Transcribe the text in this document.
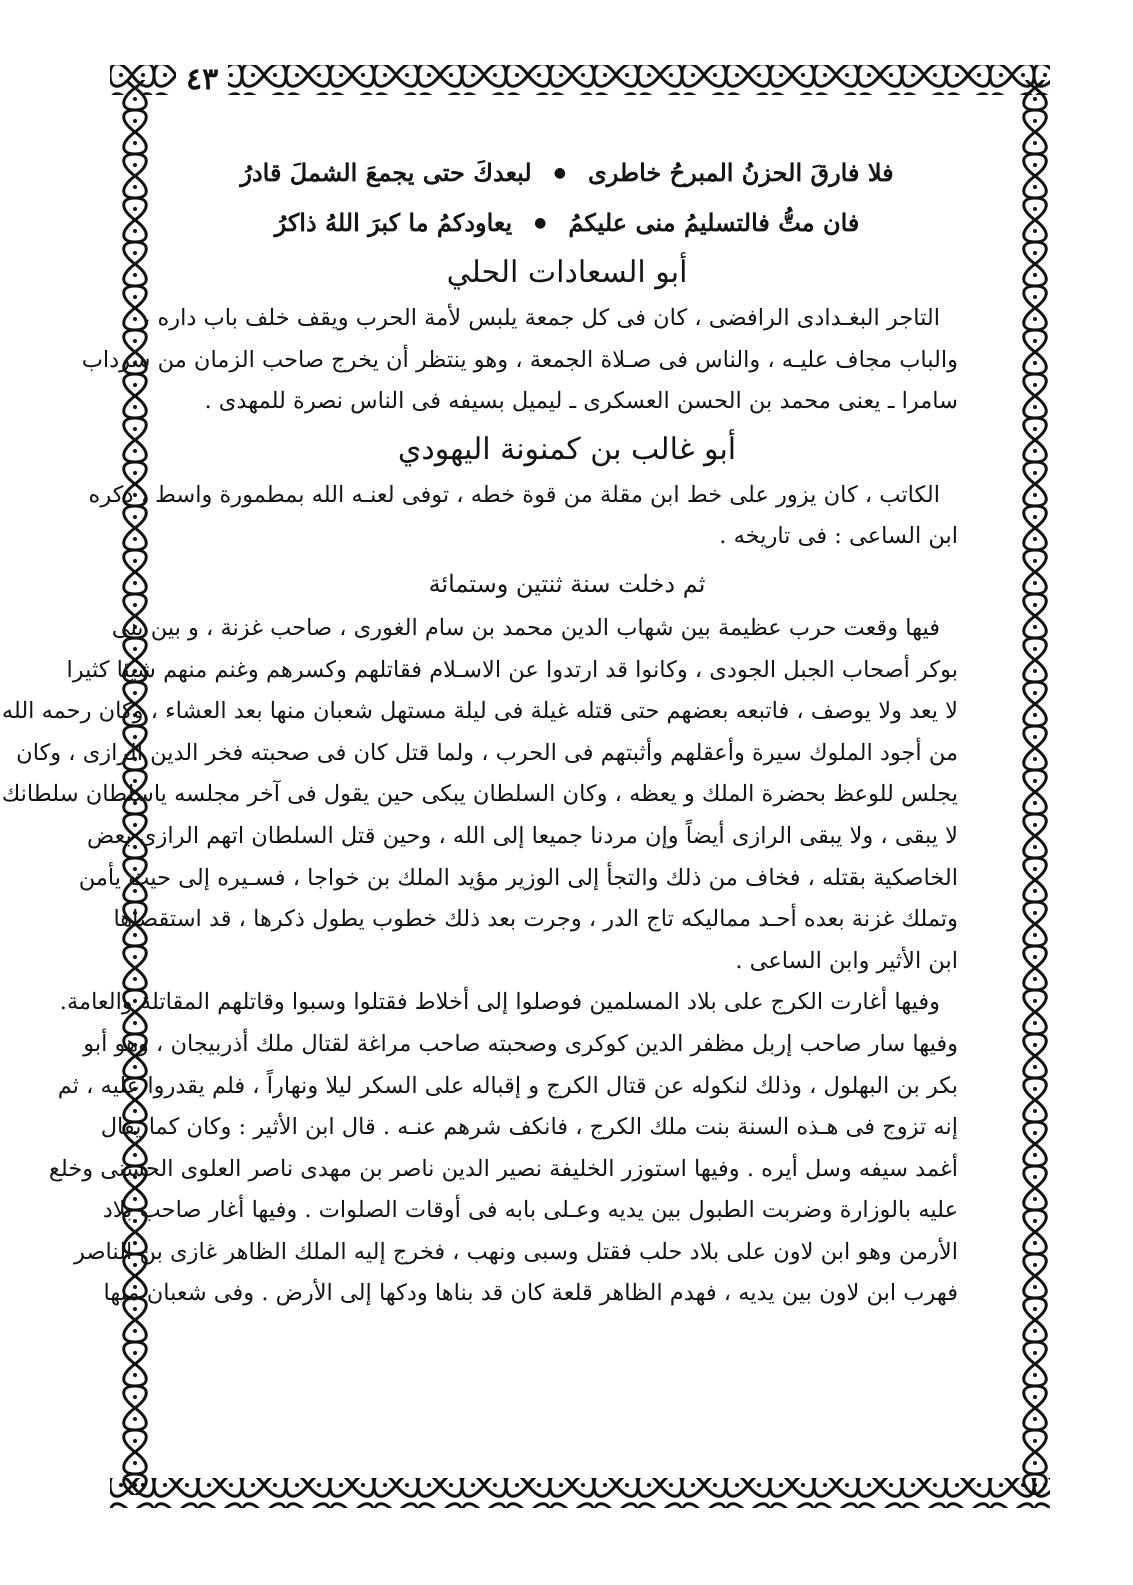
٤٣
فلا فارقَ الحزنُ المبرحُ خاطرى
●
لبعدكَ حتى يجمعَ الشملَ قادرُ
فان متُّ فالتسليمُ منى عليكمُ
●
يعاودكمُ ما كبرَ اللهُ ذاكرُ
أبو السعادات الحلي
التاجر البغـدادى الرافضى ، كان فى كل جمعة يلبس لأمة الحرب ويقف خلف باب داره ،
والباب مجاف عليـه ، والناس فى صـلاة الجمعة ، وهو ينتظر أن يخرج صاحب الزمان من سرداب
سامرا ـ يعنى محمد بن الحسن العسكرى ـ ليميل بسيفه فى الناس نصرة للمهدى .
أبو غالب بن كمنونة اليهودي
الكاتب ، كان يزور على خط ابن مقلة من قوة خطه ، توفى لعنـه الله بمطمورة واسط ، ذكره
ابن الساعى : فى تاريخه .
ثم دخلت سنة ثنتين وستمائة
فيها وقعت حرب عظيمة بين شهاب الدين محمد بن سام الغورى ، صاحب غزنة ، و بين بنى
بوكر أصحاب الجبل الجودى ، وكانوا قد ارتدوا عن الاسـلام فقاتلهم وكسرهم وغنم منهم شيئا كثيرا
لا يعد ولا يوصف ، فاتبعه بعضهم حتى قتله غيلة فى ليلة مستهل شعبان منها بعد العشاء ، وكان رحمه الله
من أجود الملوك سيرة وأعقلهم وأثبتهم فى الحرب ، ولما قتل كان فى صحبته فخر الدين الرازى ، وكان
يجلس للوعظ بحضرة الملك و يعظه ، وكان السلطان يبكى حين يقول فى آخر مجلسه ياسلطان سلطانك
لا يبقى ، ولا يبقى الرازى أيضاً وإن مردنا جميعا إلى الله ، وحين قتل السلطان اتهم الرازى بعض
الخاصكية بقتله ، فخاف من ذلك والتجأ إلى الوزير مؤيد الملك بن خواجا ، فسـيره إلى حيث يأمن
وتملك غزنة بعده أحـد مماليكه تاج الدر ، وجرت بعد ذلك خطوب يطول ذكرها ، قد استقصاها
ابن الأثير وابن الساعى .
وفيها أغارت الكرج على بلاد المسلمين فوصلوا إلى أخلاط فقتلوا وسبوا وقاتلهم المقاتلة والعامة.
وفيها سار صاحب إربل مظفر الدين كوكرى وصحبته صاحب مراغة لقتال ملك أذربيجان ، وهو أبو
بكر بن البهلول ، وذلك لنكوله عن قتال الكرج و إقباله على السكر ليلا ونهاراً ، فلم يقدروا عليه ، ثم
إنه تزوج فى هـذه السنة بنت ملك الكرج ، فانكف شرهم عنـه . قال ابن الأثير : وكان كما يقال
أغمد سيفه وسل أيره . وفيها استوزر الخليفة نصير الدين ناصر بن مهدى ناصر العلوى الحسنى وخلع
عليه بالوزارة وضربت الطبول بين يديه وعـلى بابه فى أوقات الصلوات . وفيها أغار صاحب بلاد
الأرمن وهو ابن لاون على بلاد حلب فقتل وسبى ونهب ، فخرج إليه الملك الظاهر غازى بن الناصر
فهرب ابن لاون بين يديه ، فهدم الظاهر قلعة كان قد بناها ودكها إلى الأرض . وفى شعبان منها
